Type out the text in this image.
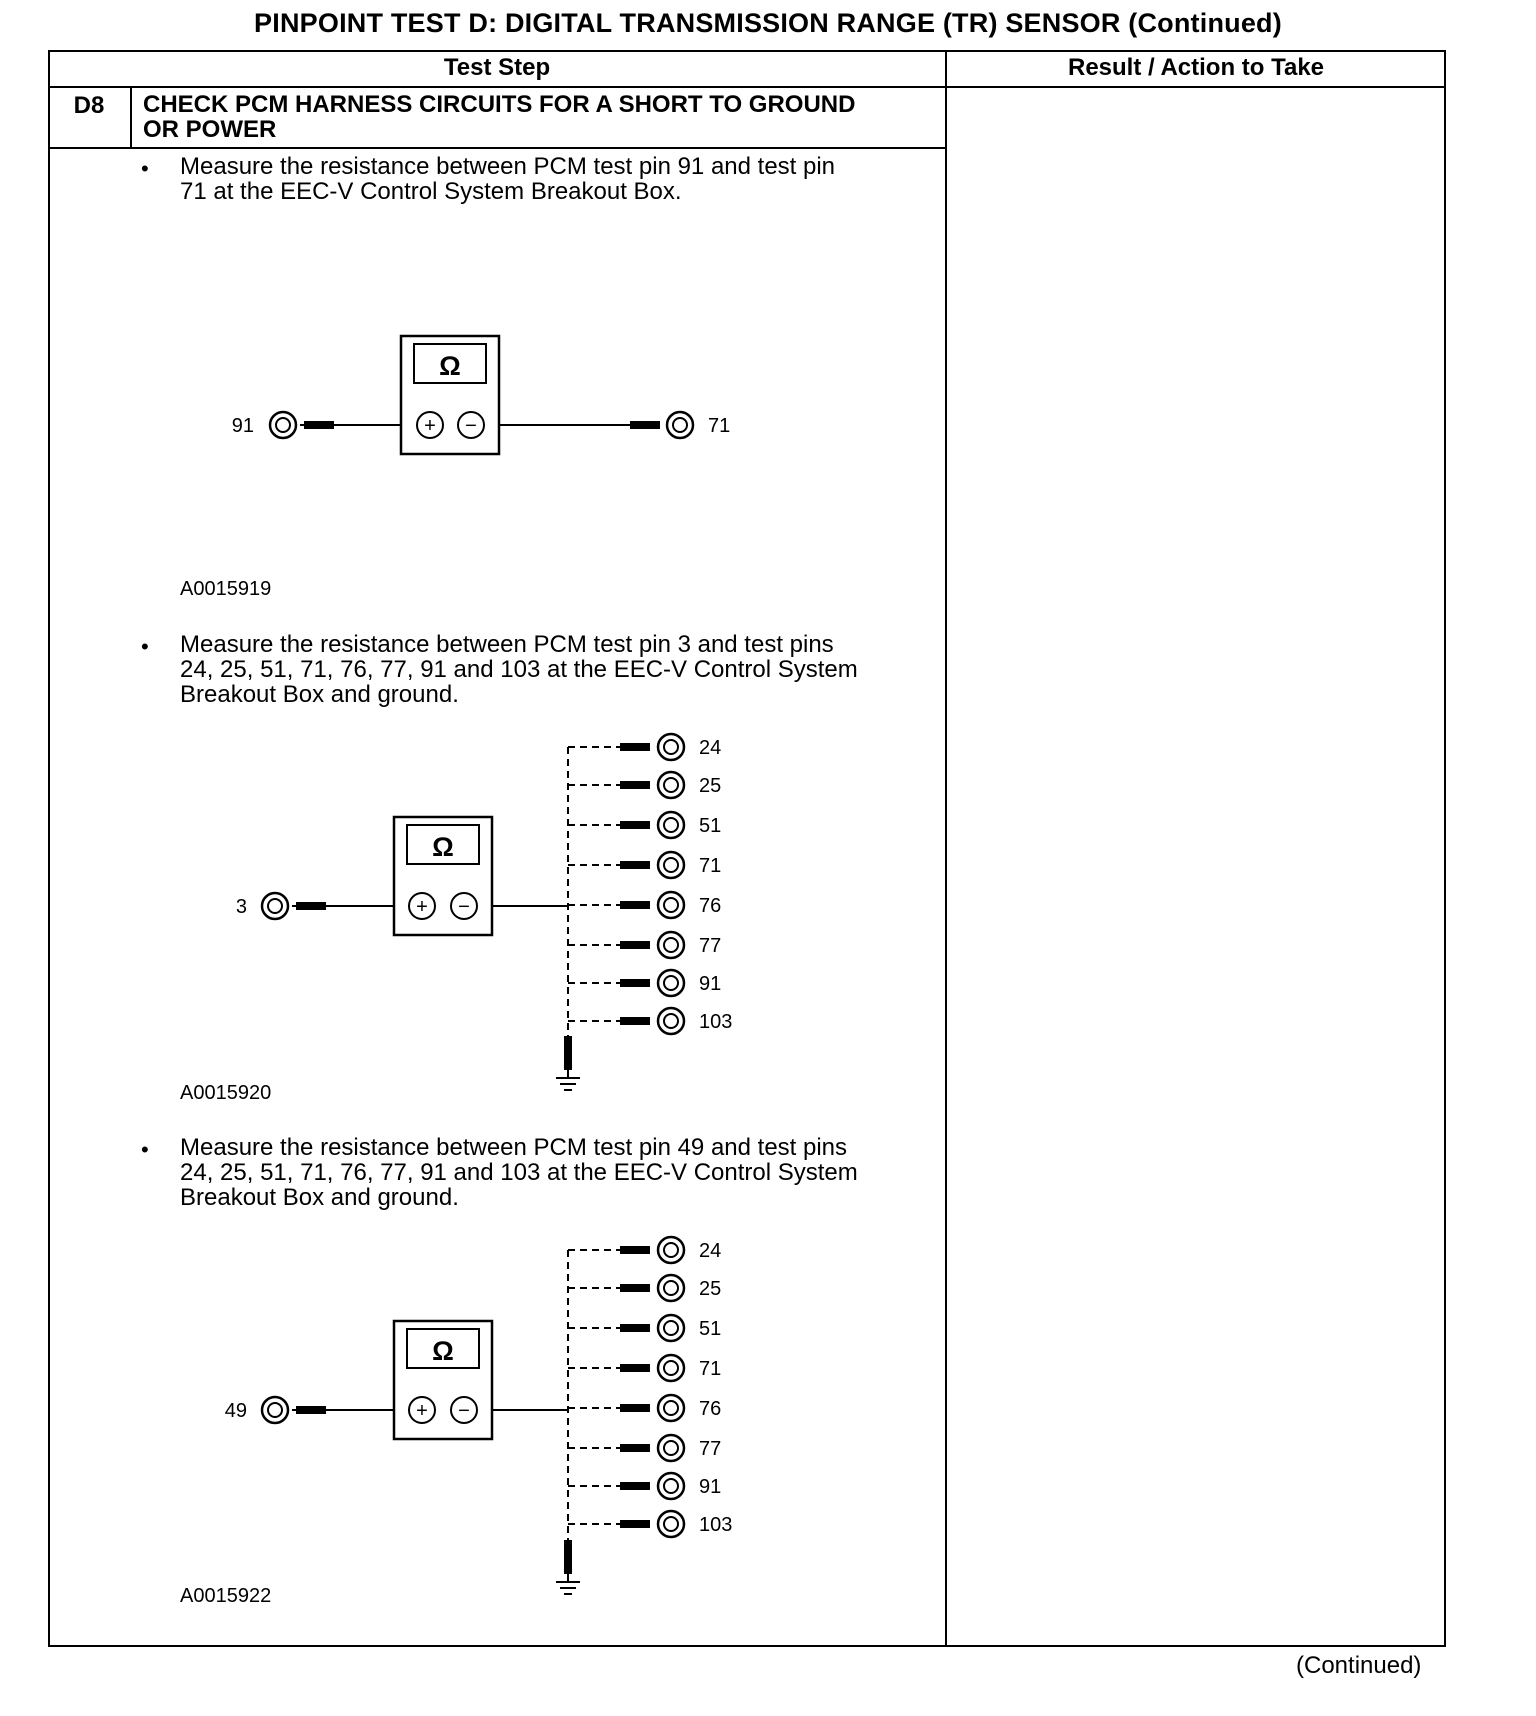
PINPOINT TEST D: DIGITAL TRANSMISSION RANGE (TR) SENSOR (Continued)
Test Step	Result / Action to Take
D8	CHECK PCM HARNESS CIRCUITS FOR A SHORT TO GROUND
OR POWER
• Measure the resistance between PCM test pin 91 and test pin
71 at the EEC-V Control System Breakout Box.
Ω
+ −
91	71
A0015919
• Measure the resistance between PCM test pin 3 and test pins
24, 25, 51, 71, 76, 77, 91 and 103 at the EEC-V Control System
Breakout Box and ground.
Ω
+ −
3
24
25
51
71
76
77
91
103
A0015920
• Measure the resistance between PCM test pin 49 and test pins
24, 25, 51, 71, 76, 77, 91 and 103 at the EEC-V Control System
Breakout Box and ground.
Ω
+ −
49
24
25
51
71
76
77
91
103
A0015922
(Continued)
